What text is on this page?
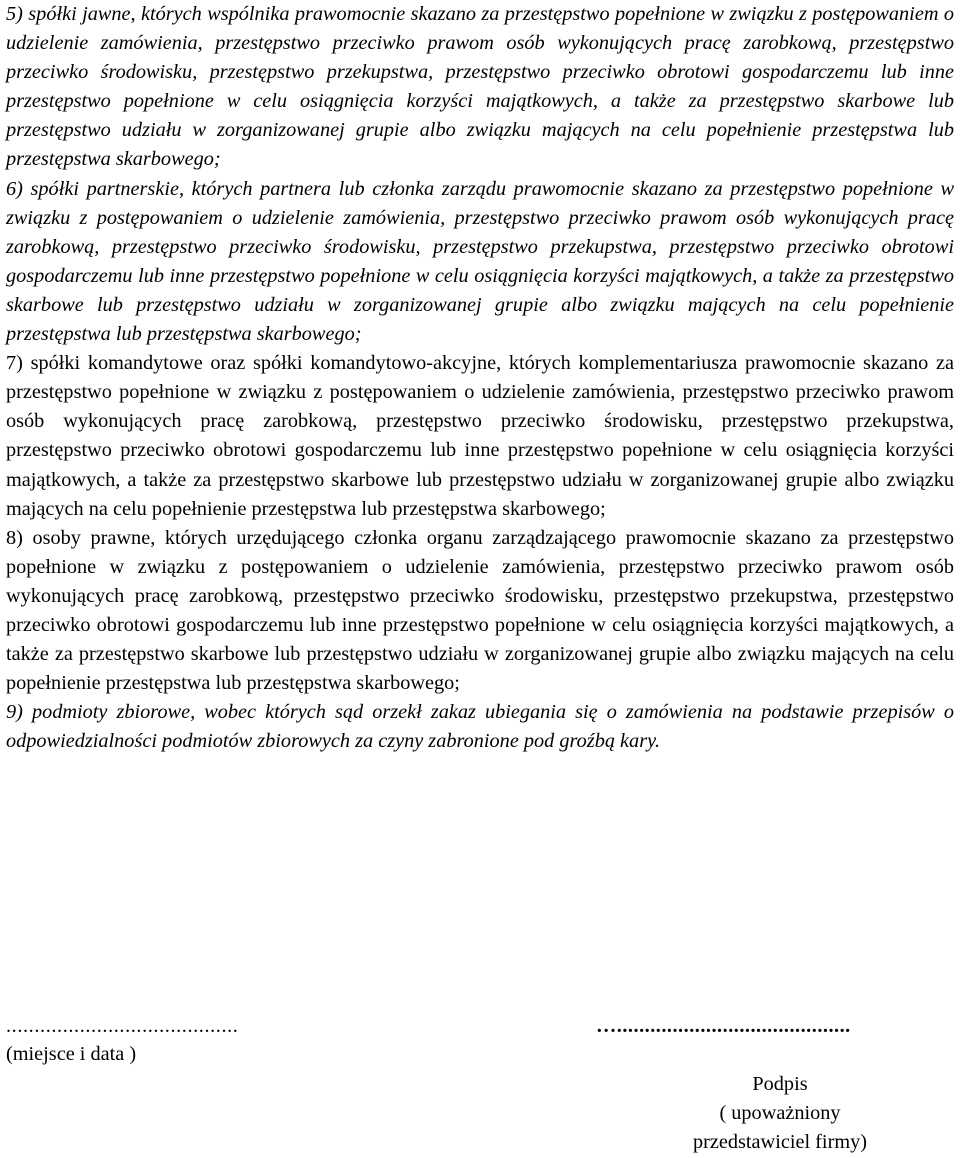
5) spółki jawne, których wspólnika prawomocnie skazano za przestępstwo popełnione w związku z postępowaniem o udzielenie zamówienia, przestępstwo przeciwko prawom osób wykonujących pracę zarobkową, przestępstwo przeciwko środowisku, przestępstwo przekupstwa, przestępstwo przeciwko obrotowi gospodarczemu lub inne przestępstwo popełnione w celu osiągnięcia korzyści majątkowych, a także za przestępstwo skarbowe lub przestępstwo udziału w zorganizowanej grupie albo związku mających na celu popełnienie przestępstwa lub przestępstwa skarbowego;

6) spółki partnerskie, których partnera lub członka zarządu prawomocnie skazano za przestępstwo popełnione w związku z postępowaniem o udzielenie zamówienia, przestępstwo przeciwko prawom osób wykonujących pracę zarobkową, przestępstwo przeciwko środowisku, przestępstwo przekupstwa, przestępstwo przeciwko obrotowi gospodarczemu lub inne przestępstwo popełnione w celu osiągnięcia korzyści majątkowych, a także za przestępstwo skarbowe lub przestępstwo udziału w zorganizowanej grupie albo związku mających na celu popełnienie przestępstwa lub przestępstwa skarbowego;

7) spółki komandytowe oraz spółki komandytowo-akcyjne, których komplementariusza prawomocnie skazano za przestępstwo popełnione w związku z postępowaniem o udzielenie zamówienia, przestępstwo przeciwko prawom osób wykonujących pracę zarobkową, przestępstwo przeciwko środowisku, przestępstwo przekupstwa, przestępstwo przeciwko obrotowi gospodarczemu lub inne przestępstwo popełnione w celu osiągnięcia korzyści majątkowych, a także za przestępstwo skarbowe lub przestępstwo udziału w zorganizowanej grupie albo związku mających na celu popełnienie przestępstwa lub przestępstwa skarbowego;

8) osoby prawne, których urzędującego członka organu zarządzającego prawomocnie skazano za przestępstwo popełnione w związku z postępowaniem o udzielenie zamówienia, przestępstwo przeciwko prawom osób wykonujących pracę zarobkową, przestępstwo przeciwko środowisku, przestępstwo przekupstwa, przestępstwo przeciwko obrotowi gospodarczemu lub inne przestępstwo popełnione w celu osiągnięcia korzyści majątkowych, a także za przestępstwo skarbowe lub przestępstwo udziału w zorganizowanej grupie albo związku mających na celu popełnienie przestępstwa lub przestępstwa skarbowego;

9) podmioty zbiorowe, wobec których sąd orzekł zakaz ubiegania się o zamówienia na podstawie przepisów o odpowiedzialności podmiotów zbiorowych za czyny zabronione pod groźbą kary.

.........................................
(miejsce i data )
…..........................................
Podpis
( upoważniony
przedstawiciel firmy)
